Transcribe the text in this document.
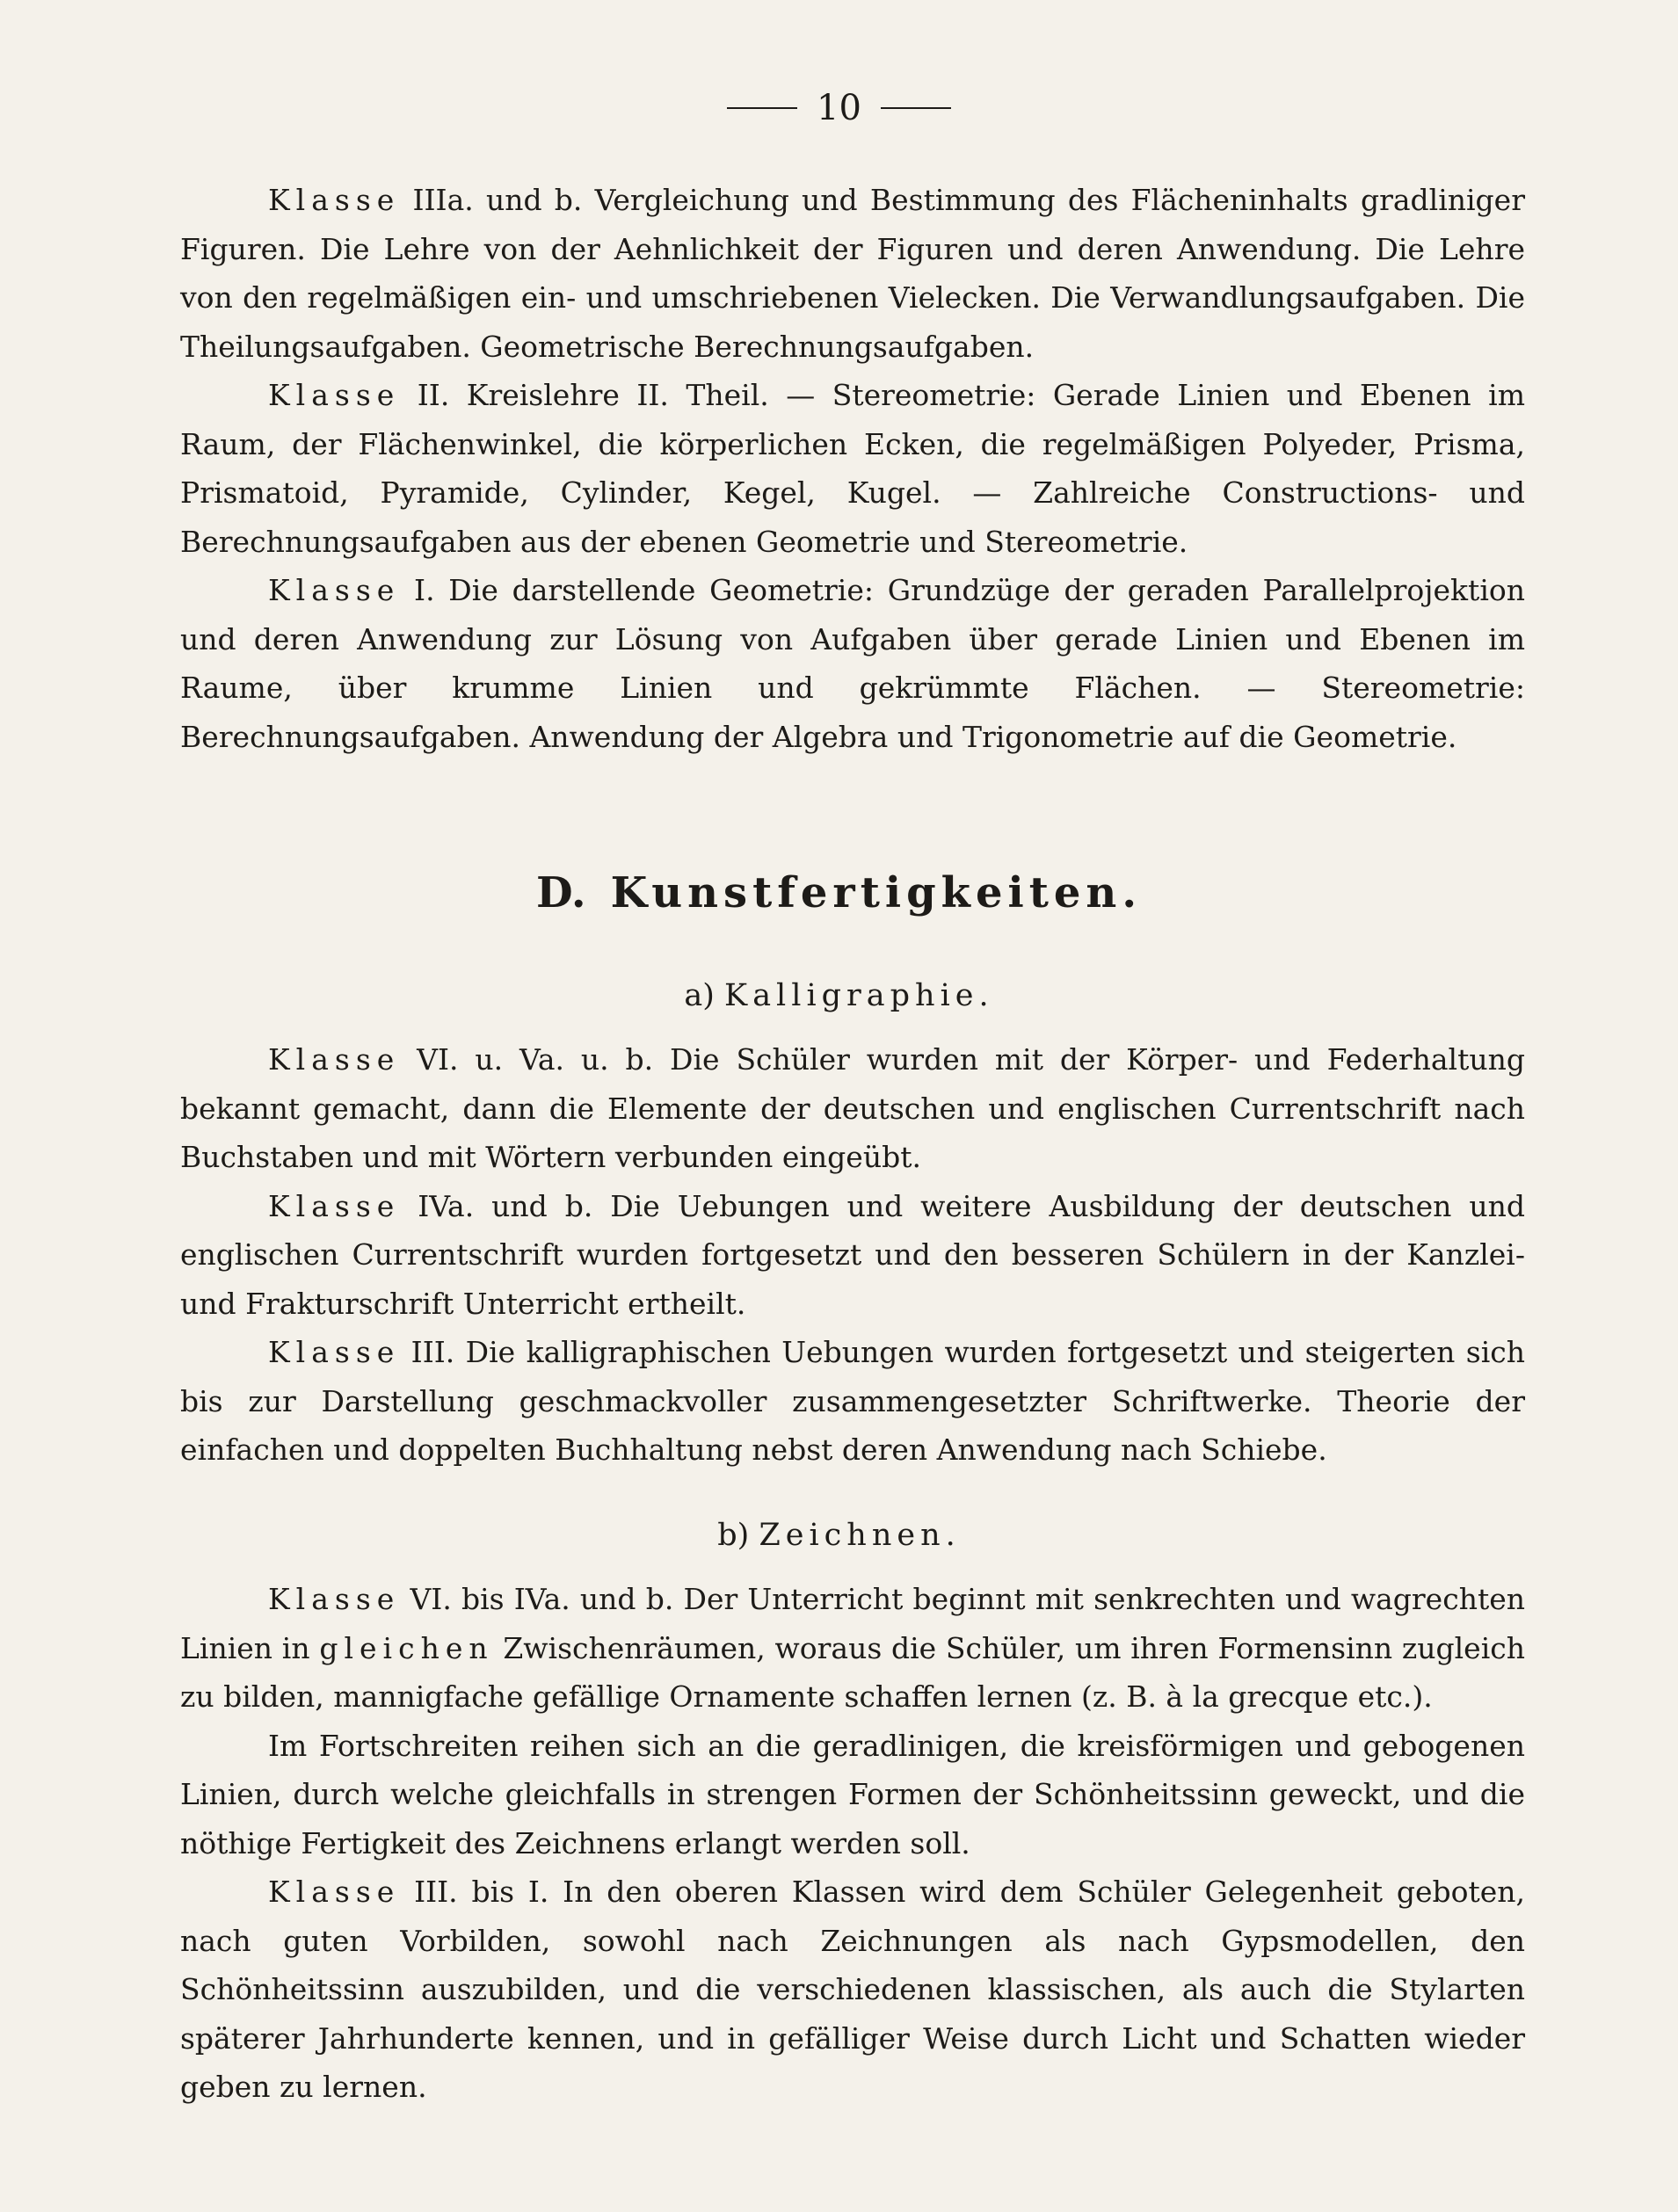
10

Klasse IIIa. und b. Vergleichung und Bestimmung des Flächeninhalts gradliniger Figuren. Die Lehre von der Aehnlichkeit der Figuren und deren Anwendung. Die Lehre von den regelmäßigen ein- und umschriebenen Vielecken. Die Verwandlungsaufgaben. Die Theilungsaufgaben. Geometrische Berechnungsaufgaben.

Klasse II. Kreislehre II. Theil. — Stereometrie: Gerade Linien und Ebenen im Raum, der Flächenwinkel, die körperlichen Ecken, die regelmäßigen Polyeder, Prisma, Prismatoid, Pyramide, Cylinder, Kegel, Kugel. — Zahlreiche Constructions- und Berechnungsaufgaben aus der ebenen Geometrie und Stereometrie.

Klasse I. Die darstellende Geometrie: Grundzüge der geraden Parallelprojektion und deren Anwendung zur Lösung von Aufgaben über gerade Linien und Ebenen im Raume, über krumme Linien und gekrümmte Flächen. — Stereometrie: Berechnungsaufgaben. Anwendung der Algebra und Trigonometrie auf die Geometrie.

D. Kunstfertigkeiten.
a) Kalligraphie.

Klasse VI. u. Va. u. b. Die Schüler wurden mit der Körper- und Federhaltung bekannt gemacht, dann die Elemente der deutschen und englischen Currentschrift nach Buchstaben und mit Wörtern verbunden eingeübt.

Klasse IVa. und b. Die Uebungen und weitere Ausbildung der deutschen und englischen Currentschrift wurden fortgesetzt und den besseren Schülern in der Kanzlei- und Frakturschrift Unterricht ertheilt.

Klasse III. Die kalligraphischen Uebungen wurden fortgesetzt und steigerten sich bis zur Darstellung geschmackvoller zusammengesetzter Schriftwerke. Theorie der einfachen und doppelten Buchhaltung nebst deren Anwendung nach Schiebe.

b) Zeichnen.

Klasse VI. bis IVa. und b. Der Unterricht beginnt mit senkrechten und wagrechten Linien in gleichen Zwischenräumen, woraus die Schüler, um ihren Formensinn zugleich zu bilden, mannigfache gefällige Ornamente schaffen lernen (z. B. à la grecque etc.).

Im Fortschreiten reihen sich an die geradlinigen, die kreisförmigen und gebogenen Linien, durch welche gleichfalls in strengen Formen der Schönheitssinn geweckt, und die nöthige Fertigkeit des Zeichnens erlangt werden soll.

Klasse III. bis I. In den oberen Klassen wird dem Schüler Gelegenheit geboten, nach guten Vorbilden, sowohl nach Zeichnungen als nach Gypsmodellen, den Schönheitssinn auszubilden, und die verschiedenen klassischen, als auch die Stylarten späterer Jahrhunderte kennen, und in gefälliger Weise durch Licht und Schatten wieder geben zu lernen.
